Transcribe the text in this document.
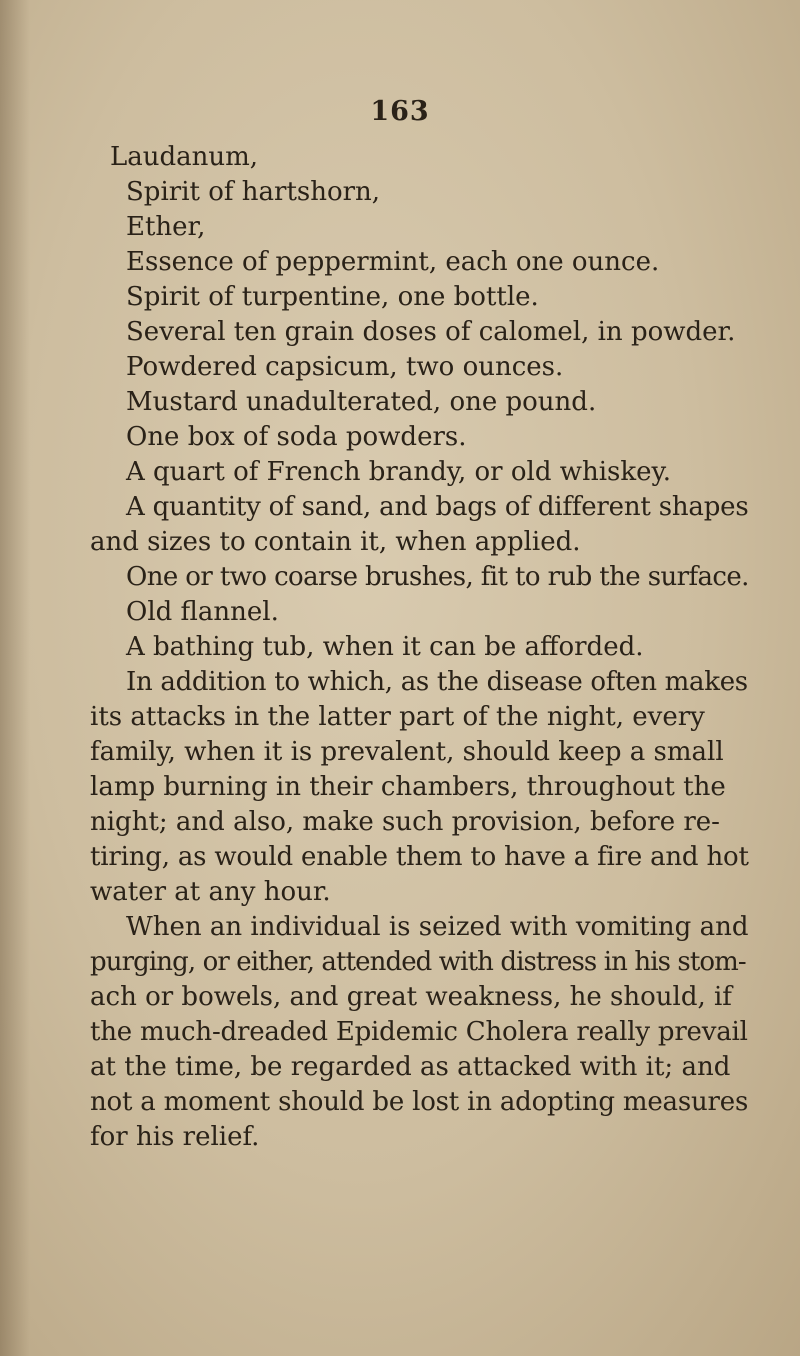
163
Laudanum,
Spirit of hartshorn,
Ether,
Essence of peppermint, each one ounce.
Spirit of turpentine, one bottle.
Several ten grain doses of calomel, in powder.
Powdered capsicum, two ounces.
Mustard unadulterated, one pound.
One box of soda powders.
A quart of French brandy, or old whiskey.
A quantity of sand, and bags of different shapes
and sizes to contain it, when applied.
One or two coarse brushes, fit to rub the surface.
Old flannel.
A bathing tub, when it can be afforded.
In addition to which, as the disease often makes
its attacks in the latter part of the night, every
family, when it is prevalent, should keep a small
lamp burning in their chambers, throughout the
night; and also, make such provision, before re-
tiring, as would enable them to have a fire and hot
water at any hour.
When an individual is seized with vomiting and
purging, or either, attended with distress in his stom-
ach or bowels, and great weakness, he should, if
the much-dreaded Epidemic Cholera really prevail
at the time, be regarded as attacked with it; and
not a moment should be lost in adopting measures
for his relief.
